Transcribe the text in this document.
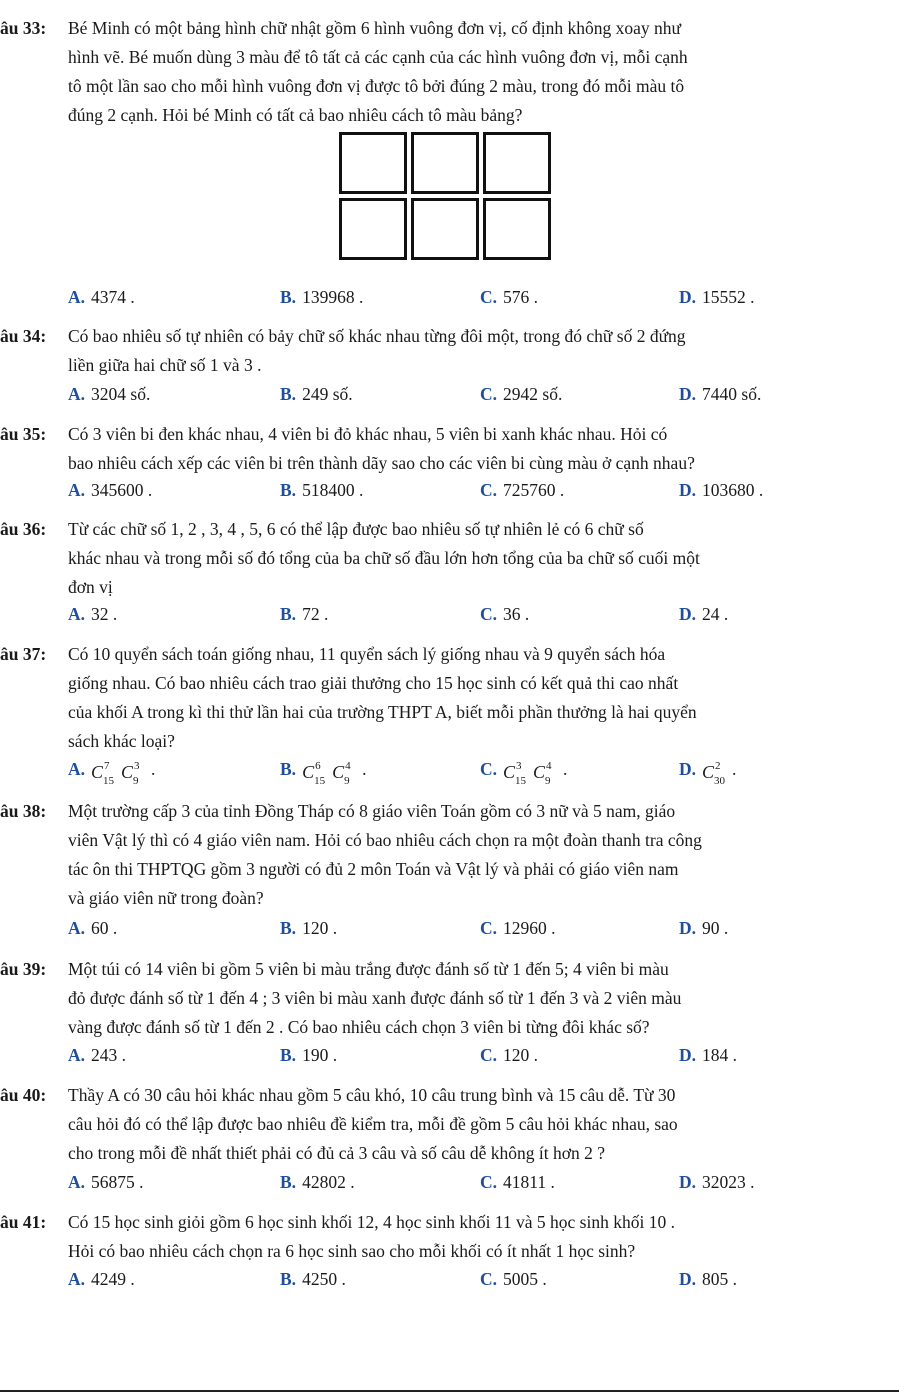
âu 33: Bé Minh có một bảng hình chữ nhật gồm 6 hình vuông đơn vị, cố định không xoay như
hình vẽ. Bé muốn dùng 3 màu để tô tất cả các cạnh của các hình vuông đơn vị, mỗi cạnh
tô một lần sao cho mỗi hình vuông đơn vị được tô bởi đúng 2 màu, trong đó mỗi màu tô
đúng 2 cạnh. Hỏi bé Minh có tất cả bao nhiêu cách tô màu bảng?
A. 4374 .	B. 139968 .	C. 576 .	D. 15552 .
âu 34: Có bao nhiêu số tự nhiên có bảy chữ số khác nhau từng đôi một, trong đó chữ số 2 đứng
liền giữa hai chữ số 1 và 3 .
A. 3204 số.	B. 249 số.	C. 2942 số.	D. 7440 số.
âu 35: Có 3 viên bi đen khác nhau, 4 viên bi đỏ khác nhau, 5 viên bi xanh khác nhau. Hỏi có
bao nhiêu cách xếp các viên bi trên thành dãy sao cho các viên bi cùng màu ở cạnh nhau?
A. 345600 .	B. 518400 .	C. 725760 .	D. 103680 .
âu 36: Từ các chữ số 1, 2 , 3, 4 , 5, 6 có thể lập được bao nhiêu số tự nhiên lẻ có 6 chữ số
khác nhau và trong mỗi số đó tổng của ba chữ số đầu lớn hơn tổng của ba chữ số cuối một
đơn vị
A. 32 .	B. 72 .	C. 36 .	D. 24 .
âu 37: Có 10 quyển sách toán giống nhau, 11 quyển sách lý giống nhau và 9 quyển sách hóa
giống nhau. Có bao nhiêu cách trao giải thưởng cho 15 học sinh có kết quả thi cao nhất
của khối A trong kì thi thử lần hai của trường THPT A, biết mỗi phần thưởng là hai quyển
sách khác loại?
A. C 7
15 C 3
9
.	B. C 6
15 C 4
9
.	C. C 3
15 C 4
9
.	D. C 2
30
.
âu 38: Một trường cấp 3 của tỉnh Đồng Tháp có 8 giáo viên Toán gồm có 3 nữ và 5 nam, giáo
viên Vật lý thì có 4 giáo viên nam. Hỏi có bao nhiêu cách chọn ra một đoàn thanh tra công
tác ôn thi THPTQG gồm 3 người có đủ 2 môn Toán và Vật lý và phải có giáo viên nam
và giáo viên nữ trong đoàn?
A. 60 .	B. 120 .	C. 12960 .	D. 90 .
âu 39: Một túi có 14 viên bi gồm 5 viên bi màu trắng được đánh số từ 1 đến 5; 4 viên bi màu
đỏ được đánh số từ 1 đến 4 ; 3 viên bi màu xanh được đánh số từ 1 đến 3 và 2 viên màu
vàng được đánh số từ 1 đến 2 . Có bao nhiêu cách chọn 3 viên bi từng đôi khác số?
A. 243 .	B. 190 .	C. 120 .	D. 184 .
âu 40: Thầy A có 30 câu hỏi khác nhau gồm 5 câu khó, 10 câu trung bình và 15 câu dễ. Từ 30
câu hỏi đó có thể lập được bao nhiêu đề kiểm tra, mỗi đề gồm 5 câu hỏi khác nhau, sao
cho trong mỗi đề nhất thiết phải có đủ cả 3 câu và số câu dễ không ít hơn 2 ?
A. 56875 .	B. 42802 .	C. 41811 .	D. 32023 .
âu 41: Có 15 học sinh giỏi gồm 6 học sinh khối 12, 4 học sinh khối 11 và 5 học sinh khối 10 .
Hỏi có bao nhiêu cách chọn ra 6 học sinh sao cho mỗi khối có ít nhất 1 học sinh?
A. 4249 .	B. 4250 .	C. 5005 .	D. 805 .
